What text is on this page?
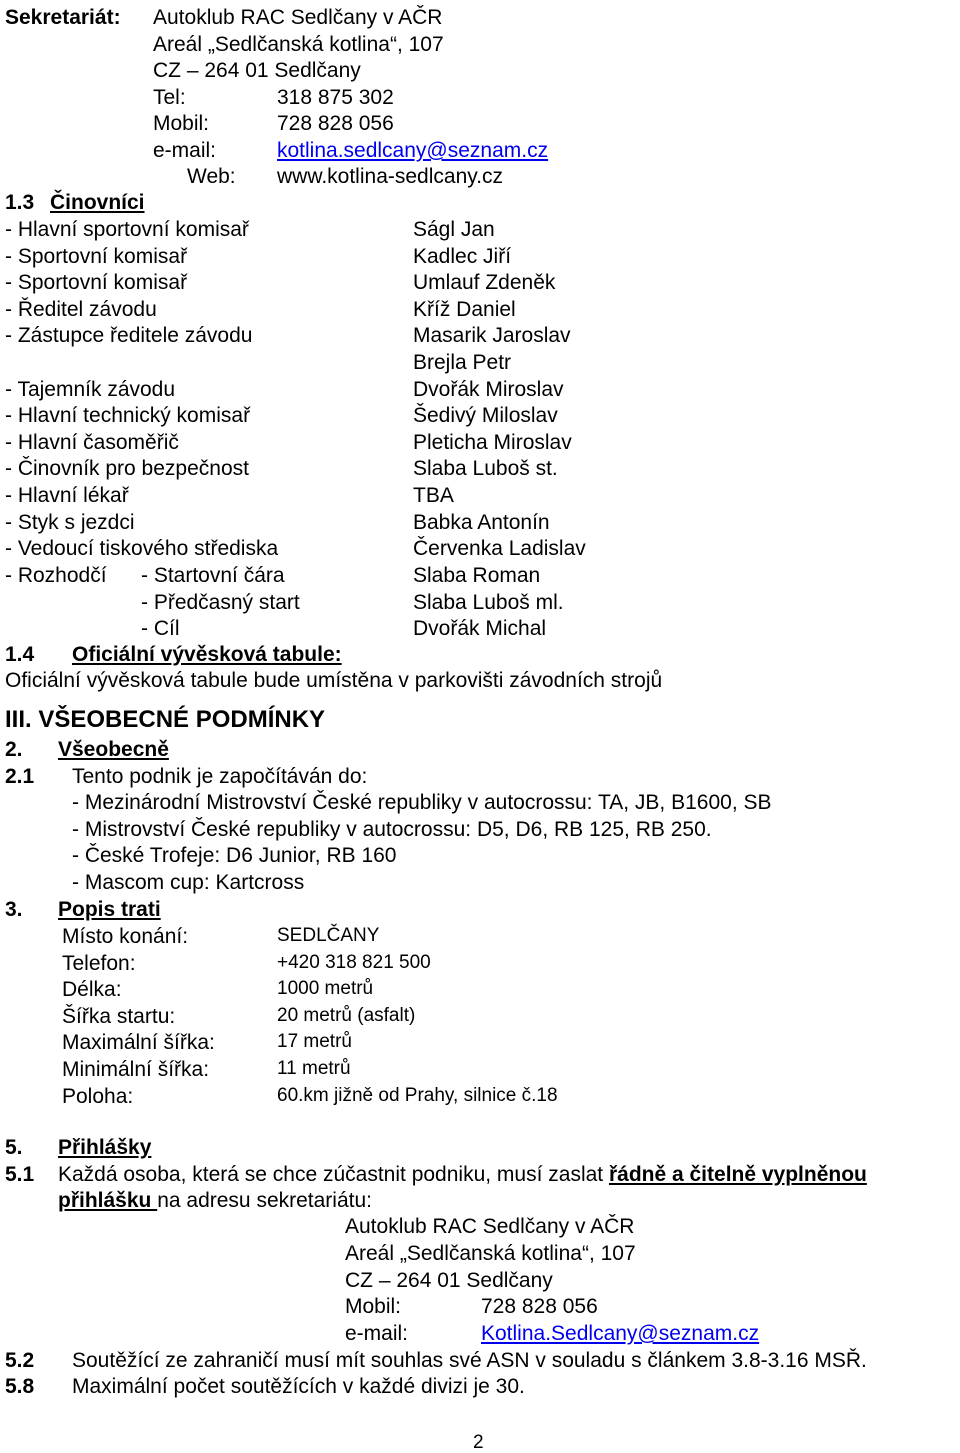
Sekretariát: Autoklub RAC Sedlčany v AČR
Areál „Sedlčanská kotlina“, 107
CZ – 264 01 Sedlčany
Tel:	318 875 302
Mobil:	728 828 056
e-mail:	kotlina.sedlcany@seznam.cz
Web: www.kotlina-sedlcany.cz
1.3 Činovníci
- Hlavní sportovní komisař	Ságl Jan
- Sportovní komisař	Kadlec Jiří
- Sportovní komisař	Umlauf Zdeněk
- Ředitel závodu	Kříž Daniel
- Zástupce ředitele závodu	Masarik Jaroslav
Brejla Petr
- Tajemník závodu	Dvořák Miroslav
- Hlavní technický komisař	Šedivý Miloslav
- Hlavní časoměřič	Pleticha Miroslav
- Činovník pro bezpečnost	Slaba Luboš st.
- Hlavní lékař	TBA
- Styk s jezdci	Babka Antonín
- Vedoucí tiskového střediska	Červenka Ladislav
- Rozhodčí - Startovní čára	Slaba Roman
- Předčasný start	Slaba Luboš ml.
- Cíl	Dvořák Michal
1.4 Oficiální vývěsková tabule:
Oficiální vývěsková tabule bude umístěna v parkovišti závodních strojů
III. VŠEOBECNÉ PODMÍNKY
2. Všeobecně
2.1 Tento podnik je započítáván do:
- Mezinárodní Mistrovství České republiky v autocrossu: TA, JB, B1600, SB
- Mistrovství České republiky v autocrossu: D5, D6, RB 125, RB 250.
- České Trofeje: D6 Junior, RB 160
- Mascom cup: Kartcross
3. Popis trati
Místo konání:	SEDLČANY
Telefon:	+420 318 821 500
Délka:	1000 metrů
Šířka startu:	20 metrů (asfalt)
Maximální šířka:	17 metrů
Minimální šířka:	11 metrů
Poloha:	60.km jižně od Prahy, silnice č.18
5. Přihlášky
5.1 Každá osoba, která se chce zúčastnit podniku, musí zaslat řádně a čitelně vyplněnou
přihlášku na adresu sekretariátu:
Autoklub RAC Sedlčany v AČR
Areál „Sedlčanská kotlina“, 107
CZ – 264 01 Sedlčany
Mobil:	728 828 056
e-mail:	Kotlina.Sedlcany@seznam.cz
5.2 Soutěžící ze zahraničí musí mít souhlas své ASN v souladu s článkem 3.8-3.16 MSŘ.
5.8 Maximální počet soutěžících v každé divizi je 30.
2
